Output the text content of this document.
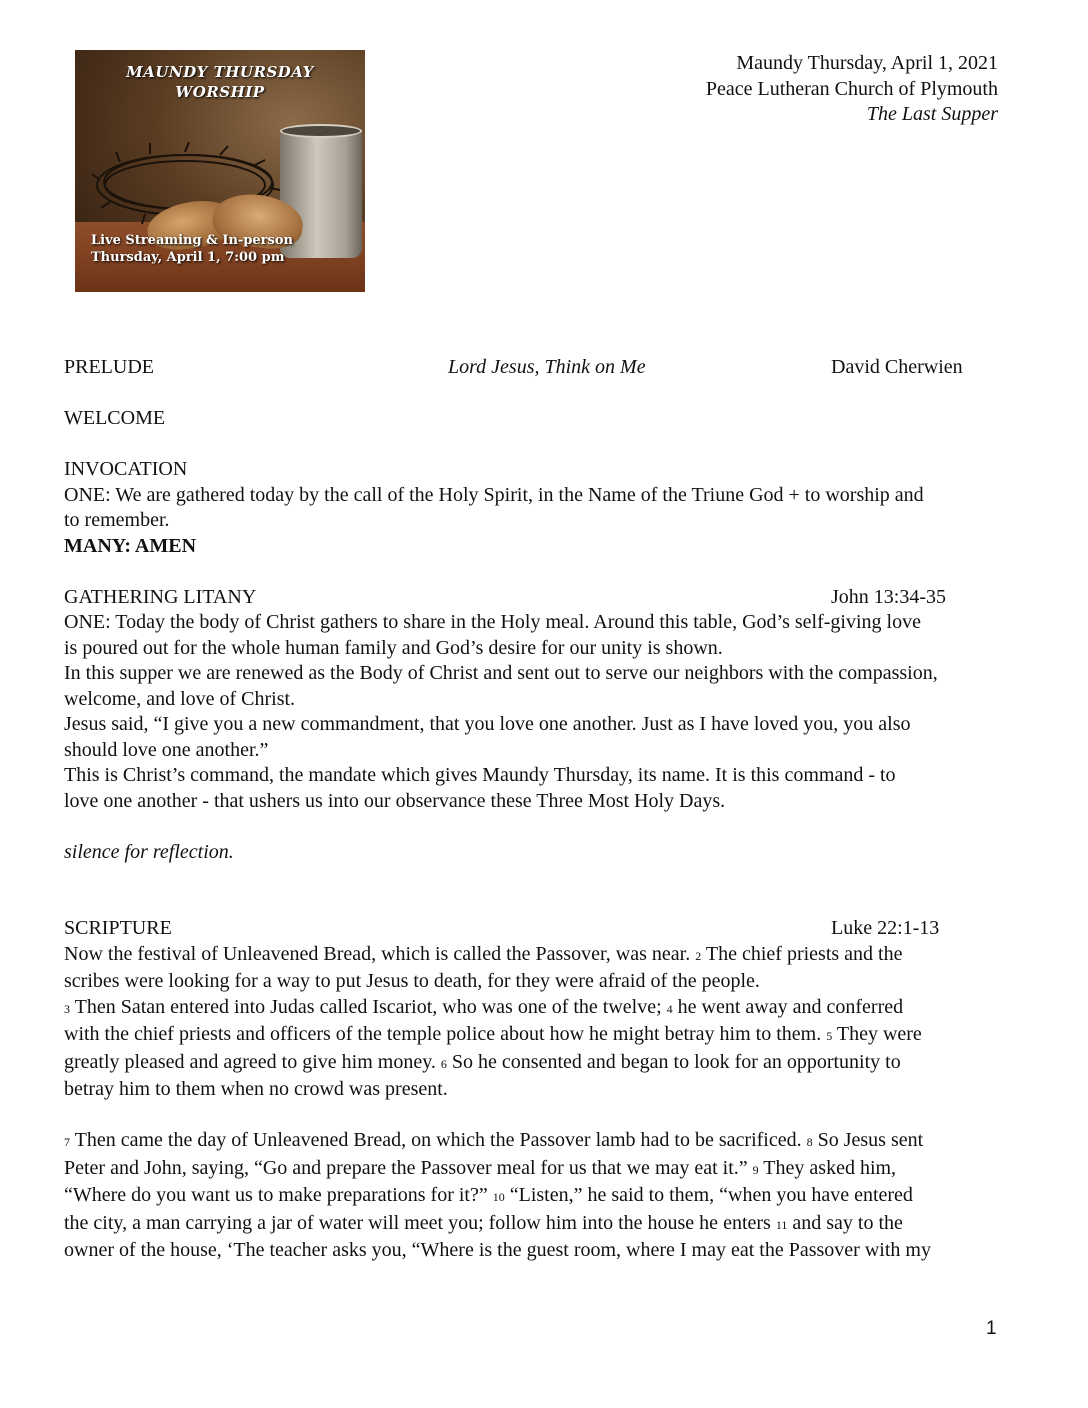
MAUNDY THURSDAY
WORSHIP
Live Streaming & In-person
Thursday, April 1, 7:00 pm
Maundy Thursday, April 1, 2021
Peace Lutheran Church of Plymouth
The Last Supper
PRELUDE	Lord Jesus, Think on Me	David Cherwien
WELCOME
INVOCATION
ONE: We are gathered today by the call of the Holy Spirit, in the Name of the Triune God + to worship and
to remember.
MANY: AMEN
GATHERING LITANY	John 13:34-35
ONE: Today the body of Christ gathers to share in the Holy meal. Around this table, God’s self-giving love
is poured out for the whole human family and God’s desire for our unity is shown.
In this supper we are renewed as the Body of Christ and sent out to serve our neighbors with the compassion,
welcome, and love of Christ.
Jesus said, “I give you a new commandment, that you love one another. Just as I have loved you, you also
should love one another.”
This is Christ’s command, the mandate which gives Maundy Thursday, its name. It is this command - to
love one another - that ushers us into our observance these Three Most Holy Days.
silence for reflection.
SCRIPTURE	Luke 22:1-13
Now the festival of Unleavened Bread, which is called the Passover, was near. 2 The chief priests and the
scribes were looking for a way to put Jesus to death, for they were afraid of the people.
3 Then Satan entered into Judas called Iscariot, who was one of the twelve; 4 he went away and conferred
with the chief priests and officers of the temple police about how he might betray him to them. 5 They were
greatly pleased and agreed to give him money. 6 So he consented and began to look for an opportunity to
betray him to them when no crowd was present.
7 Then came the day of Unleavened Bread, on which the Passover lamb had to be sacrificed. 8 So Jesus sent
Peter and John, saying, “Go and prepare the Passover meal for us that we may eat it.” 9 They asked him,
“Where do you want us to make preparations for it?” 10 “Listen,” he said to them, “when you have entered
the city, a man carrying a jar of water will meet you; follow him into the house he enters 11 and say to the
owner of the house, ‘The teacher asks you, “Where is the guest room, where I may eat the Passover with my
1
